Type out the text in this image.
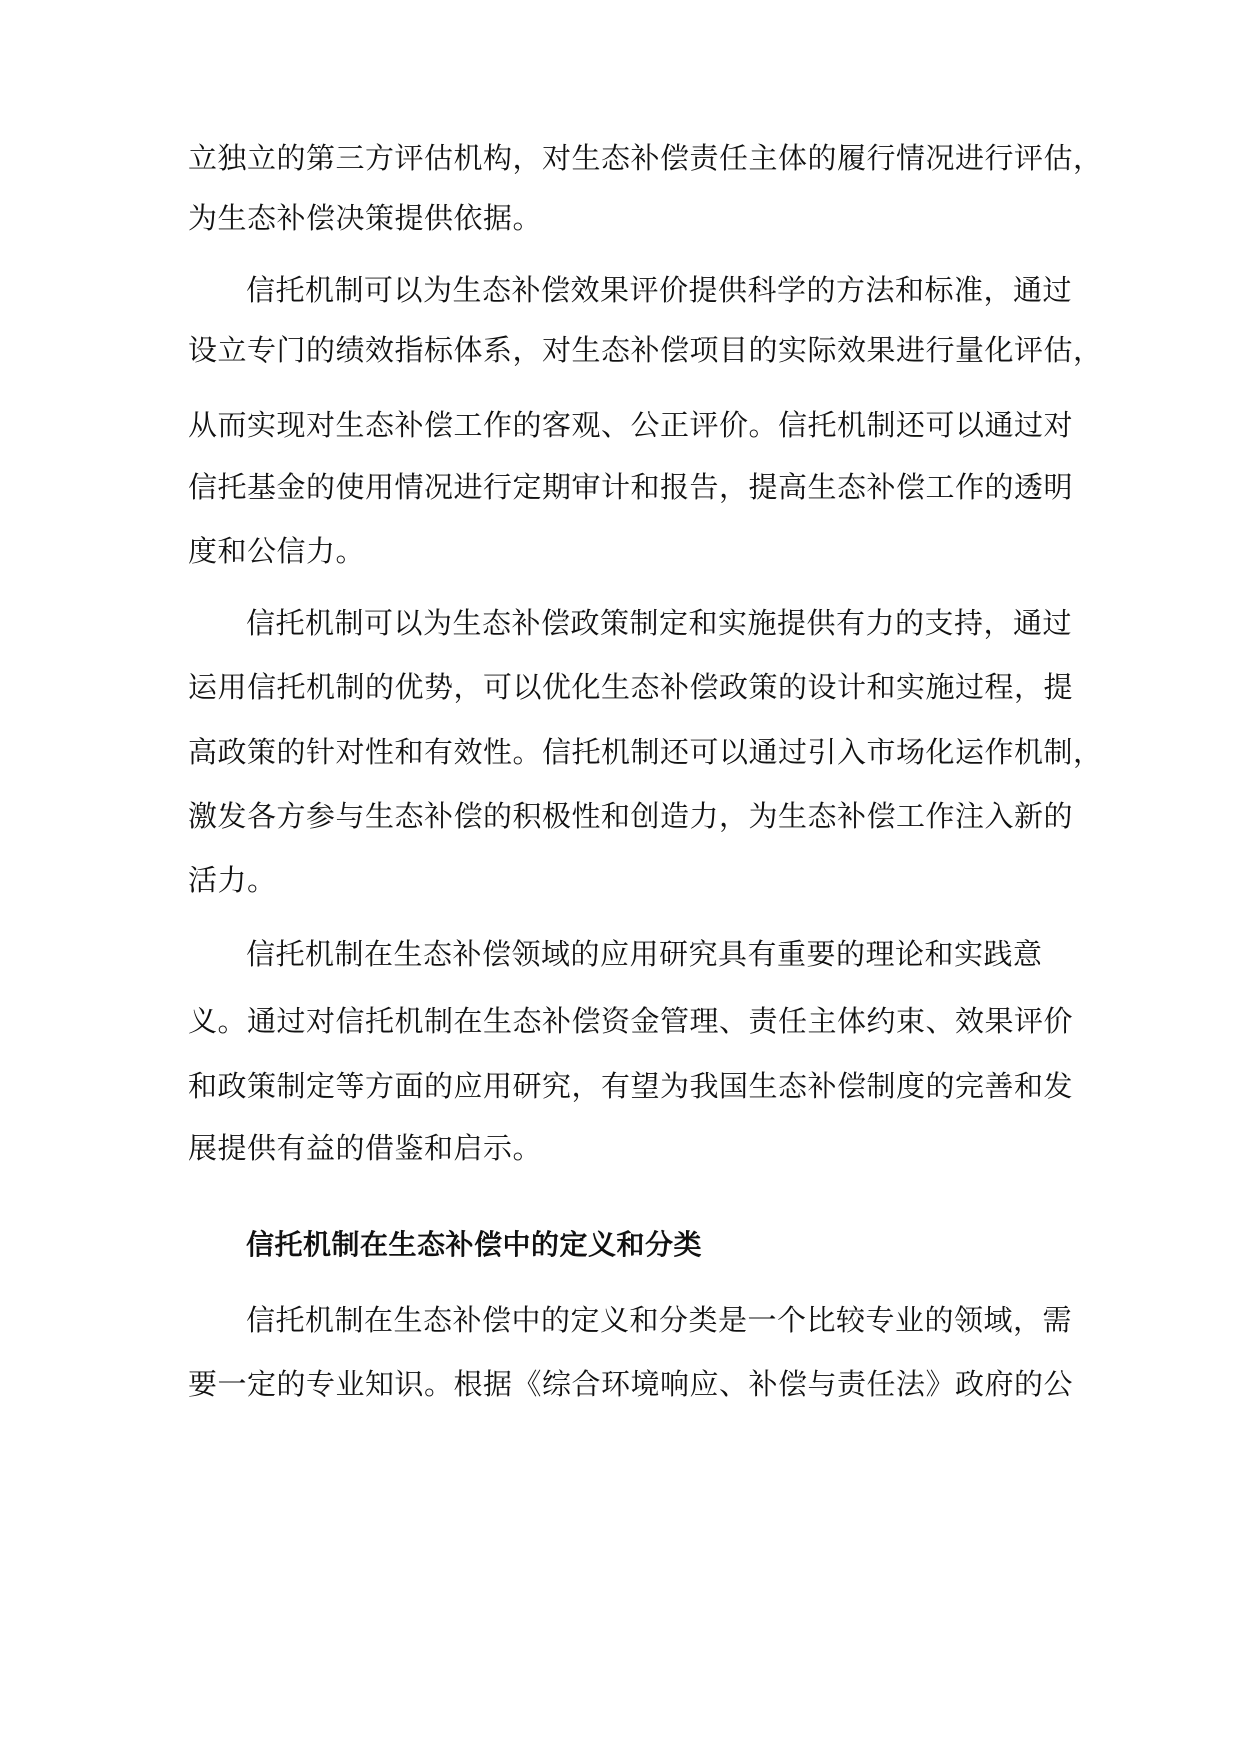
立独立的第三方评估机构，对生态补偿责任主体的履行情况进行评估，
为生态补偿决策提供依据。
信托机制可以为生态补偿效果评价提供科学的方法和标准，通过
设立专门的绩效指标体系，对生态补偿项目的实际效果进行量化评估，
从而实现对生态补偿工作的客观、公正评价。信托机制还可以通过对
信托基金的使用情况进行定期审计和报告，提高生态补偿工作的透明
度和公信力。
信托机制可以为生态补偿政策制定和实施提供有力的支持，通过
运用信托机制的优势，可以优化生态补偿政策的设计和实施过程，提
高政策的针对性和有效性。信托机制还可以通过引入市场化运作机制，
激发各方参与生态补偿的积极性和创造力，为生态补偿工作注入新的
活力。
信托机制在生态补偿领域的应用研究具有重要的理论和实践意
义。通过对信托机制在生态补偿资金管理、责任主体约束、效果评价
和政策制定等方面的应用研究，有望为我国生态补偿制度的完善和发
展提供有益的借鉴和启示。
信托机制在生态补偿中的定义和分类
信托机制在生态补偿中的定义和分类是一个比较专业的领域，需
要一定的专业知识。根据《综合环境响应、补偿与责任法》政府的公
